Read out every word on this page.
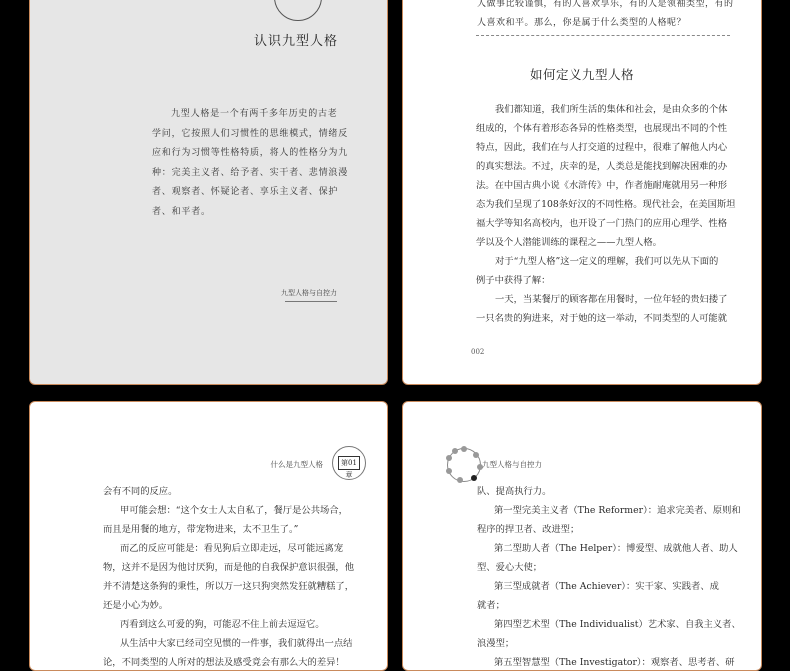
认识九型人格
九型人格是一个有两千多年历史的古老
学问，它按照人们习惯性的思维模式，情绪反
应和行为习惯等性格特质，将人的性格分为九
种：完美主义者、给予者、实干者、悲情浪漫
者、观察者、怀疑论者、享乐主义者、保护
者、和平者。
九型人格与自控力
人做事比较谨慎，有的人喜欢享乐，有的人是领袖类型，有的
人喜欢和平。那么，你是属于什么类型的人格呢？
如何定义九型人格
我们都知道，我们所生活的集体和社会，是由众多的个体
组成的，个体有着形态各异的性格类型，也展现出不同的个性
特点，因此，我们在与人打交道的过程中，很难了解他人内心
的真实想法。不过，庆幸的是，人类总是能找到解决困难的办
法。在中国古典小说《水浒传》中，作者施耐庵就用另一种形
态为我们呈现了108条好汉的不同性格。现代社会，在美国斯坦
福大学等知名高校内，也开设了一门热门的应用心理学、性格
学以及个人潜能训练的课程之——九型人格。
对于“九型人格”这一定义的理解，我们可以先从下面的
例子中获得了解：
一天，当某餐厅的顾客都在用餐时，一位年轻的贵妇搂了
一只名贵的狗进来，对于她的这一举动，不同类型的人可能就
002
什么是九型人格	第01章
会有不同的反应。
甲可能会想：“这个女士人太自私了，餐厅是公共场合，
而且是用餐的地方，带宠物进来，太不卫生了。”
而乙的反应可能是：看见狗后立即走远，尽可能远离宠
物，这并不是因为他讨厌狗，而是他的自我保护意识很强，他
并不清楚这条狗的秉性，所以万一这只狗突然发狂就糟糕了，
还是小心为妙。
丙看到这么可爱的狗，可能忍不住上前去逗逗它。
从生活中大家已经司空见惯的一件事，我们就得出一点结
论，不同类型的人所对的想法及感受竟会有那么大的差异！
九型人格与自控力
队、提高执行力。
第一型完美主义者（The Reformer）：追求完美者、原则和
程序的捍卫者、改进型；
第二型助人者（The Helper）：博爱型、成就他人者、助人
型、爱心大使；
第三型成就者（The Achiever）：实干家、实践者、成
就者；
第四型艺术型（The Individualist）艺术家、自我主义者、
浪漫型；
第五型智慧型（The Investigator）：观察者、思考者、研
